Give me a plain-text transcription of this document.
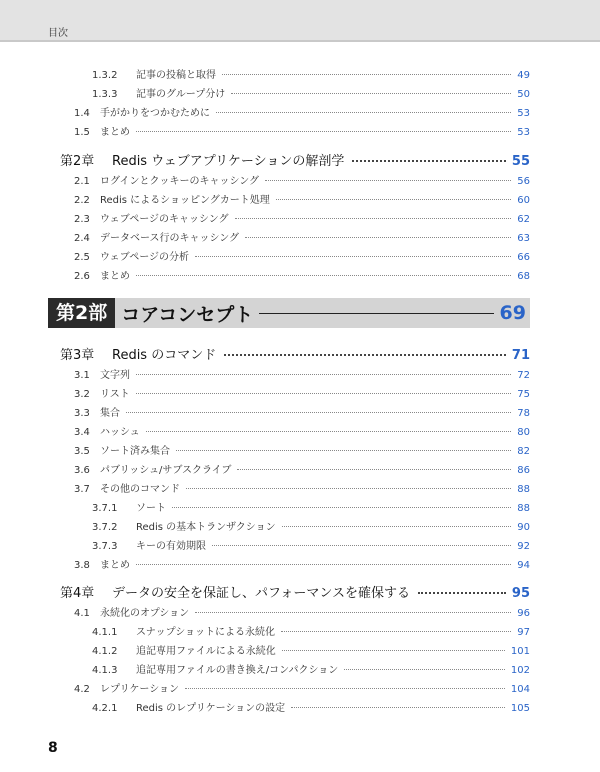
目次
1.3.2	記事の投稿と取得	49
1.3.3	記事のグループ分け	50
1.4	手がかりをつかむために	53
1.5	まとめ	53
第2章	Redis ウェブアプリケーションの解剖学	55
2.1	ログインとクッキーのキャッシング	56
2.2	Redis によるショッピングカート処理	60
2.3	ウェブページのキャッシング	62
2.4	データベース行のキャッシング	63
2.5	ウェブページの分析	66
2.6	まとめ	68
第2部 コアコンセプト	69
第3章	Redis のコマンド	71
3.1	文字列	72
3.2	リスト	75
3.3	集合	78
3.4	ハッシュ	80
3.5	ソート済み集合	82
3.6	パブリッシュ/サブスクライブ	86
3.7	その他のコマンド	88
3.7.1	ソート	88
3.7.2	Redis の基本トランザクション	90
3.7.3	キーの有効期限	92
3.8	まとめ	94
第4章	データの安全を保証し、パフォーマンスを確保する	95
4.1	永続化のオプション	96
4.1.1	スナップショットによる永続化	97
4.1.2	追記専用ファイルによる永続化	101
4.1.3	追記専用ファイルの書き換え/コンパクション	102
4.2	レプリケーション	104
4.2.1	Redis のレプリケーションの設定	105
8
